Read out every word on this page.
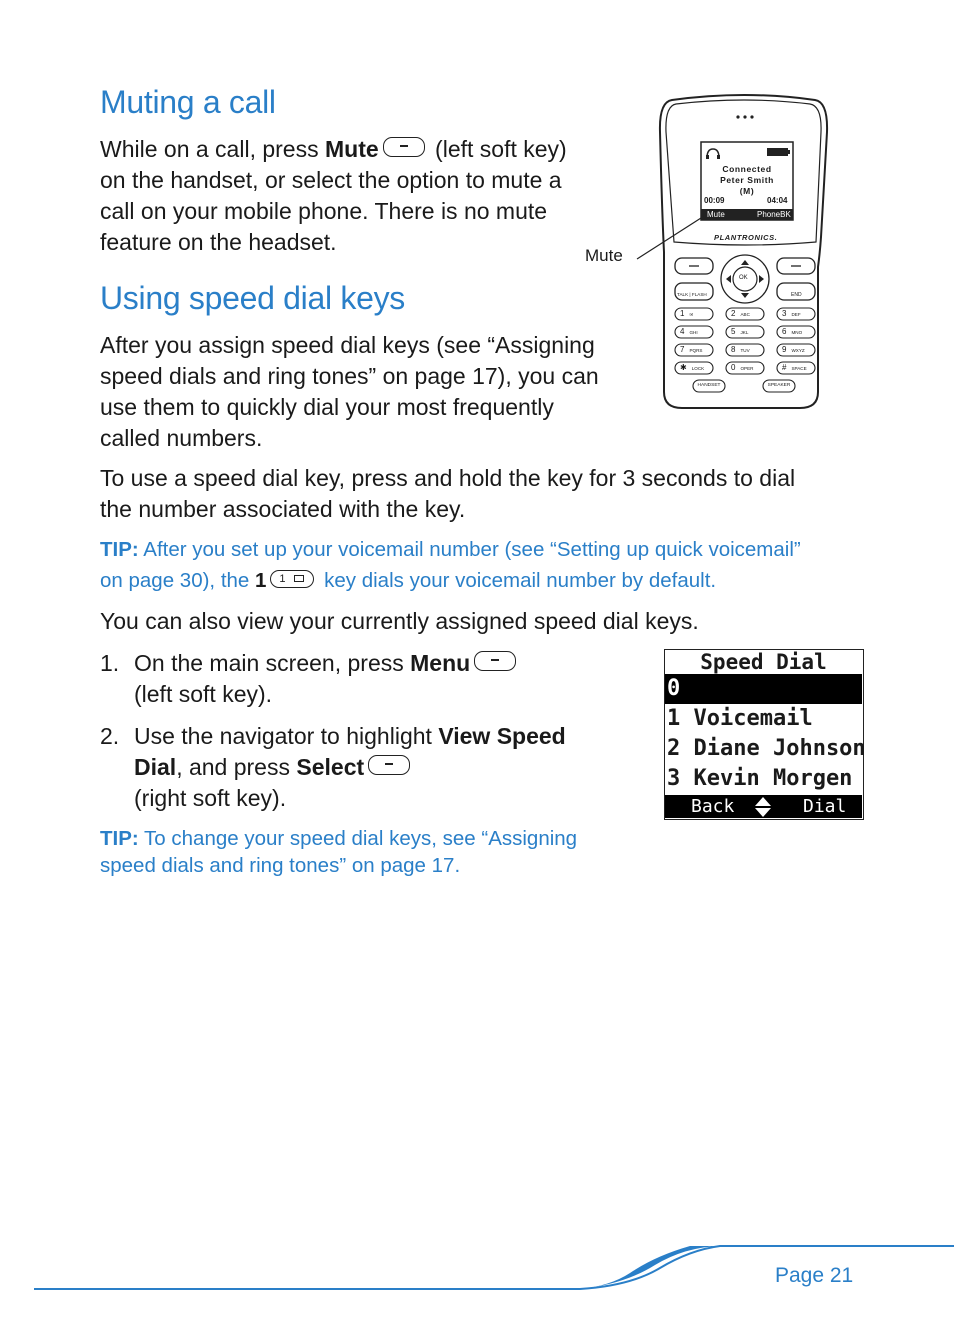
Muting a call
While on a call, press Mute (left soft key)
on the handset, or select the option to mute a
call on your mobile phone. There is no mute
feature on the headset.
Connected
Peter Smith
(M)
00:09	04:04
Mute	PhoneBK
PLANTRONICS.
OK
TALK | FLASH	END
1 ✉	2 ABC	3 DEF
4 GHI	5 JKL	6 MNO
7 PQRS	8 TUV	9 WXYZ
✱ LOCK	0 OPER	# SPACE
HANDSET	SPEAKER
Mute
Using speed dial keys
After you assign speed dial keys (see “Assigning
speed dials and ring tones” on page 17), you can
use them to quickly dial your most frequently
called numbers.
To use a speed dial key, press and hold the key for 3 seconds to dial
the number associated with the key.
TIP: After you set up your voicemail number (see “Setting up quick voicemail”
on page 30), the 1 1
key dials your voicemail number by default.
You can also view your currently assigned speed dial keys.
1. On the main screen, press Menu
(left soft key).
2. Use the navigator to highlight View Speed
Dial, and press Select
(right soft key).
TIP: To change your speed dial keys, see “Assigning
speed dials and ring tones” on page 17.
Speed Dial
0
1 Voicemail
2 Diane Johnson
3 Kevin Morgen
Back	Dial
Page 21
